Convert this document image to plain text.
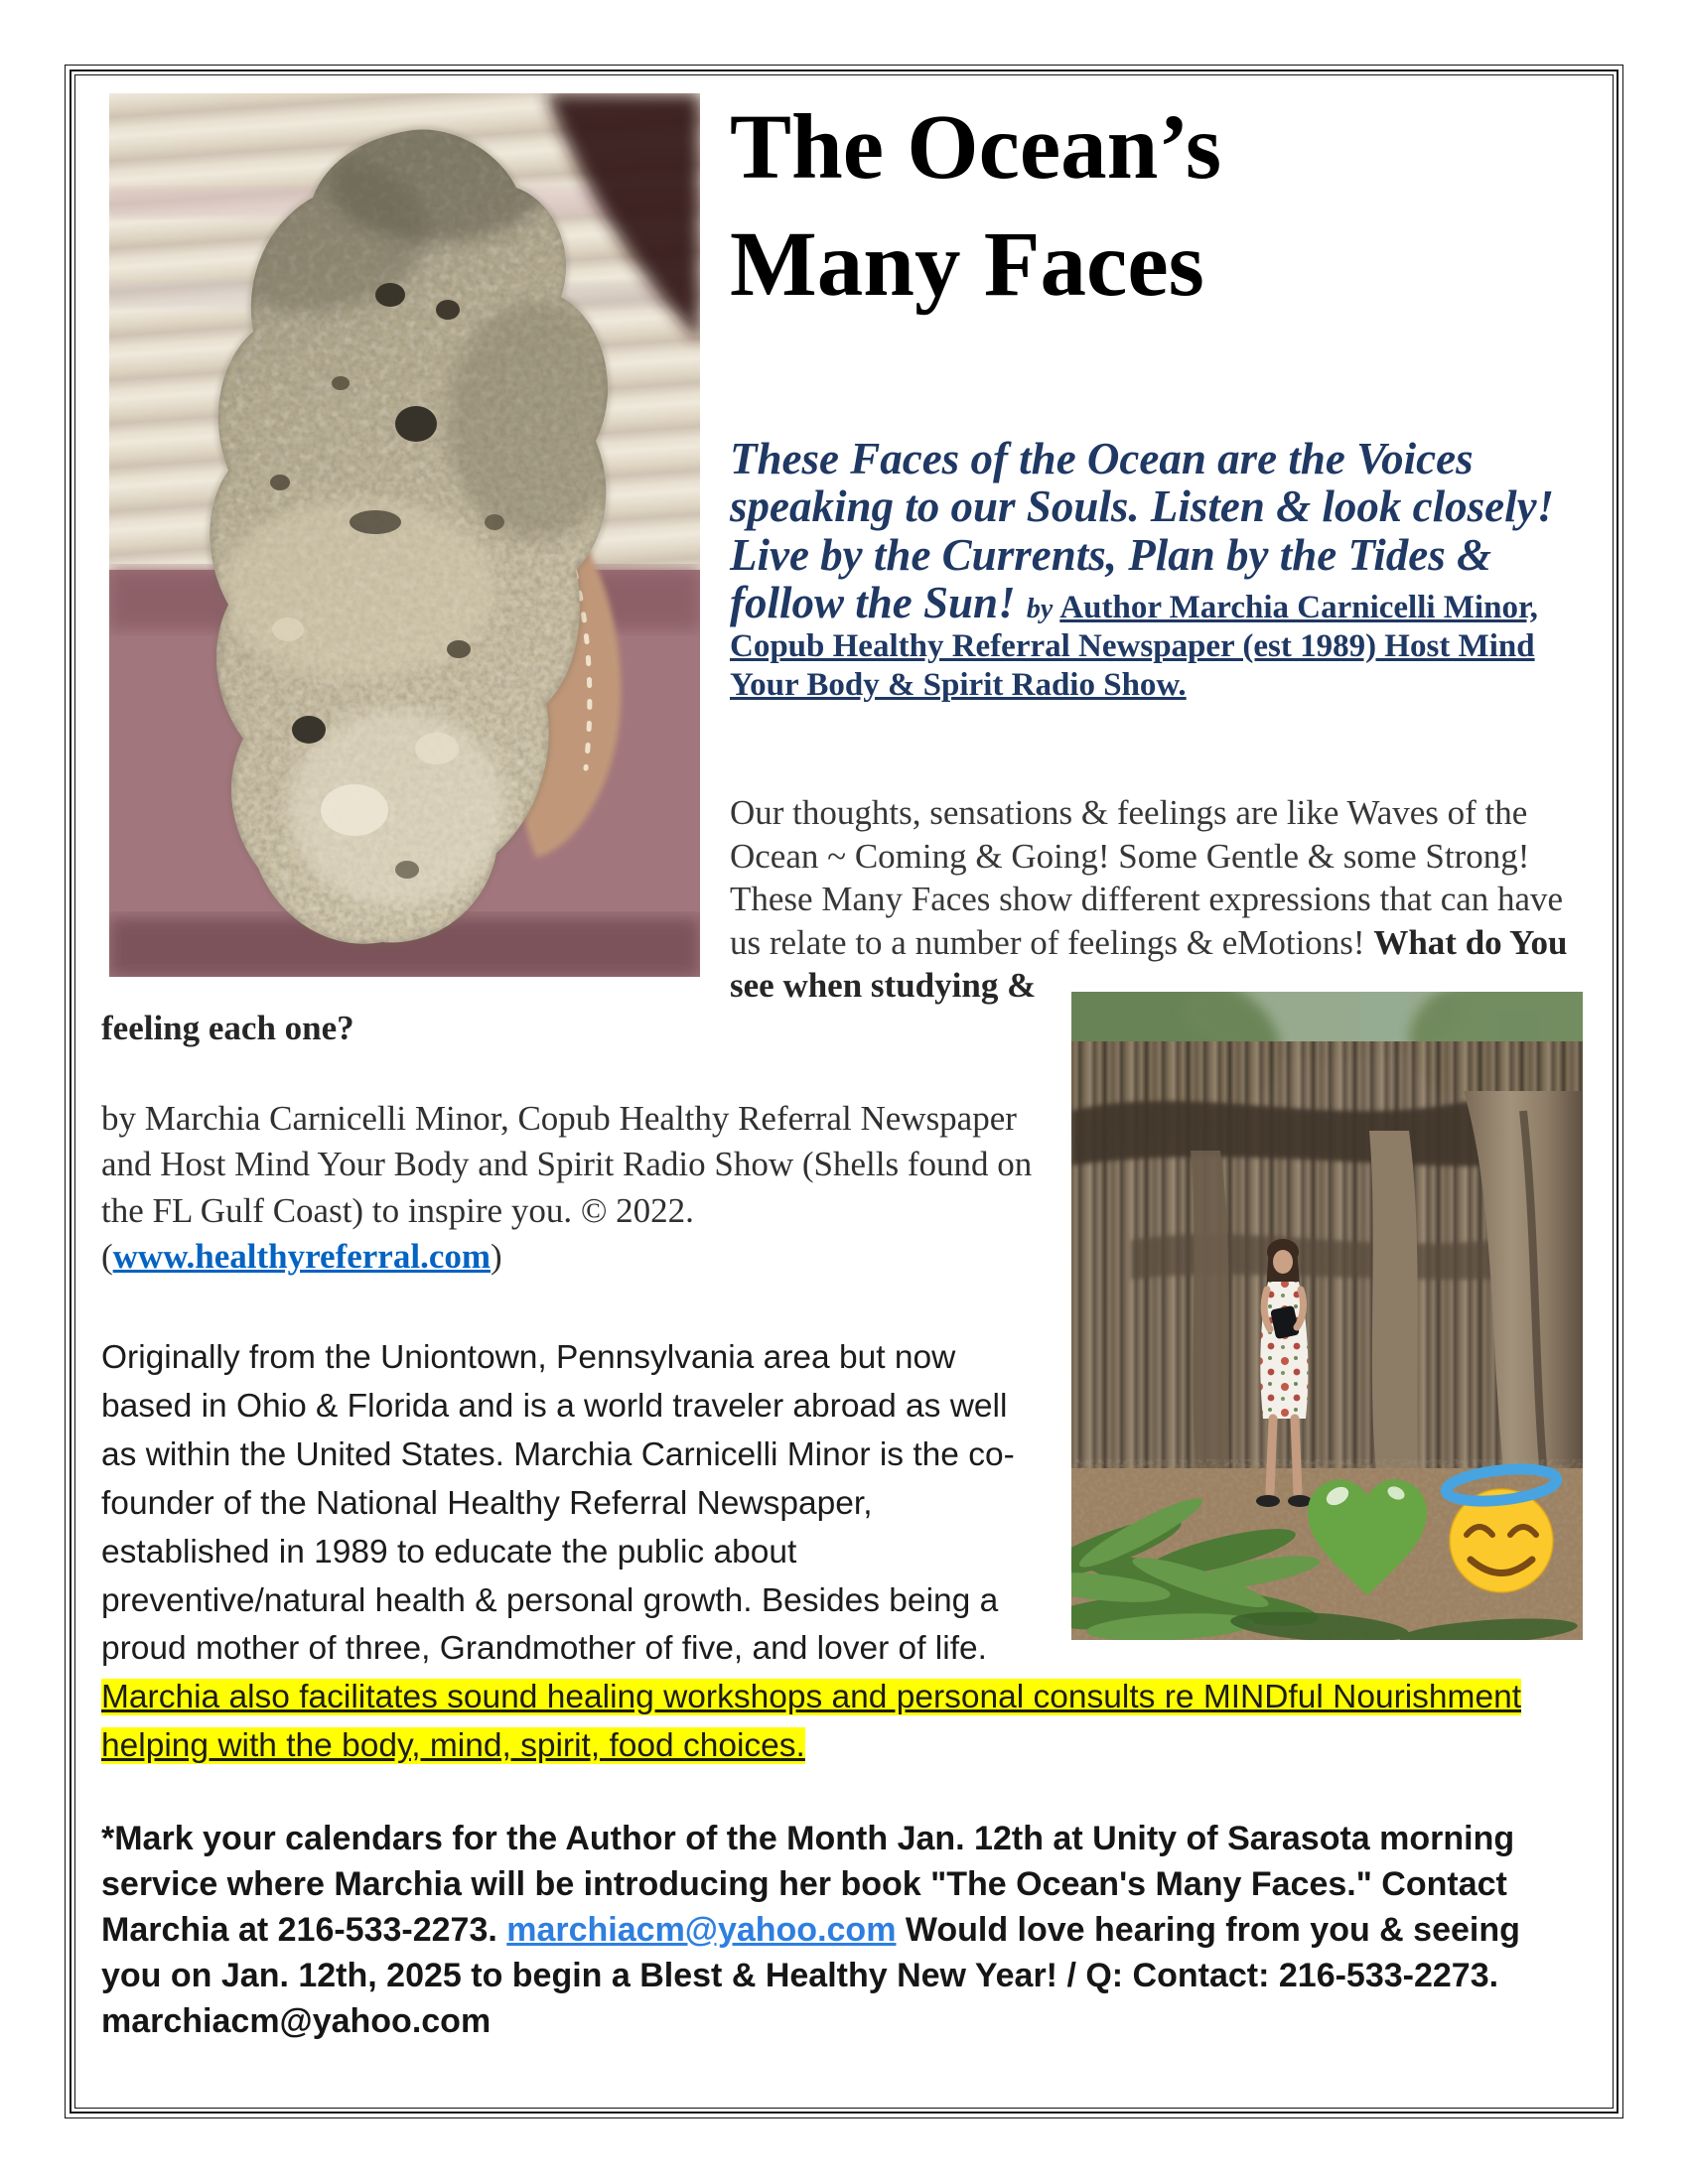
The Ocean’s
Many Faces

These Faces of the Ocean are the Voices speaking to our Souls. Listen & look closely! Live by the Currents, Plan by the Tides & follow the Sun! by Author Marchia Carnicelli Minor, Copub Healthy Referral Newspaper (est 1989) Host Mind Your Body & Spirit Radio Show.

Our thoughts, sensations & feelings are like Waves of the Ocean ~ Coming & Going! Some Gentle & some Strong! These Many Faces show different expressions that can have us relate to a number of feelings &
eMotions! What do You see when studying & feeling each one?

by Marchia Carnicelli Minor, Copub Healthy Referral Newspaper and Host Mind Your Body and Spirit Radio Show (Shells found on the FL Gulf Coast) to inspire you. © 2022. (www.healthyreferral.com)

Originally from the Uniontown, Pennsylvania area but now based in Ohio & Florida and is a world traveler abroad as well as within the United States. Marchia Carnicelli Minor is the co-founder of the National Healthy Referral Newspaper, established in 1989 to educate the public about preventive/natural health & personal growth. Besides being a proud mother of three, Grandmother of five, and lover of life. Marchia also facilitates sound healing workshops and personal consults re MINDful Nourishment helping with the body, mind, spirit, food choices.

*Mark your calendars for the Author of the Month Jan. 12th at Unity of Sarasota morning service where Marchia will be introducing her book "The Ocean's Many Faces." Contact Marchia at 216-533-2273. marchiacm@yahoo.com Would love hearing from you & seeing you on Jan. 12th, 2025 to begin a Blest & Healthy New Year! / Q: Contact: 216-533-2273. marchiacm@yahoo.com
